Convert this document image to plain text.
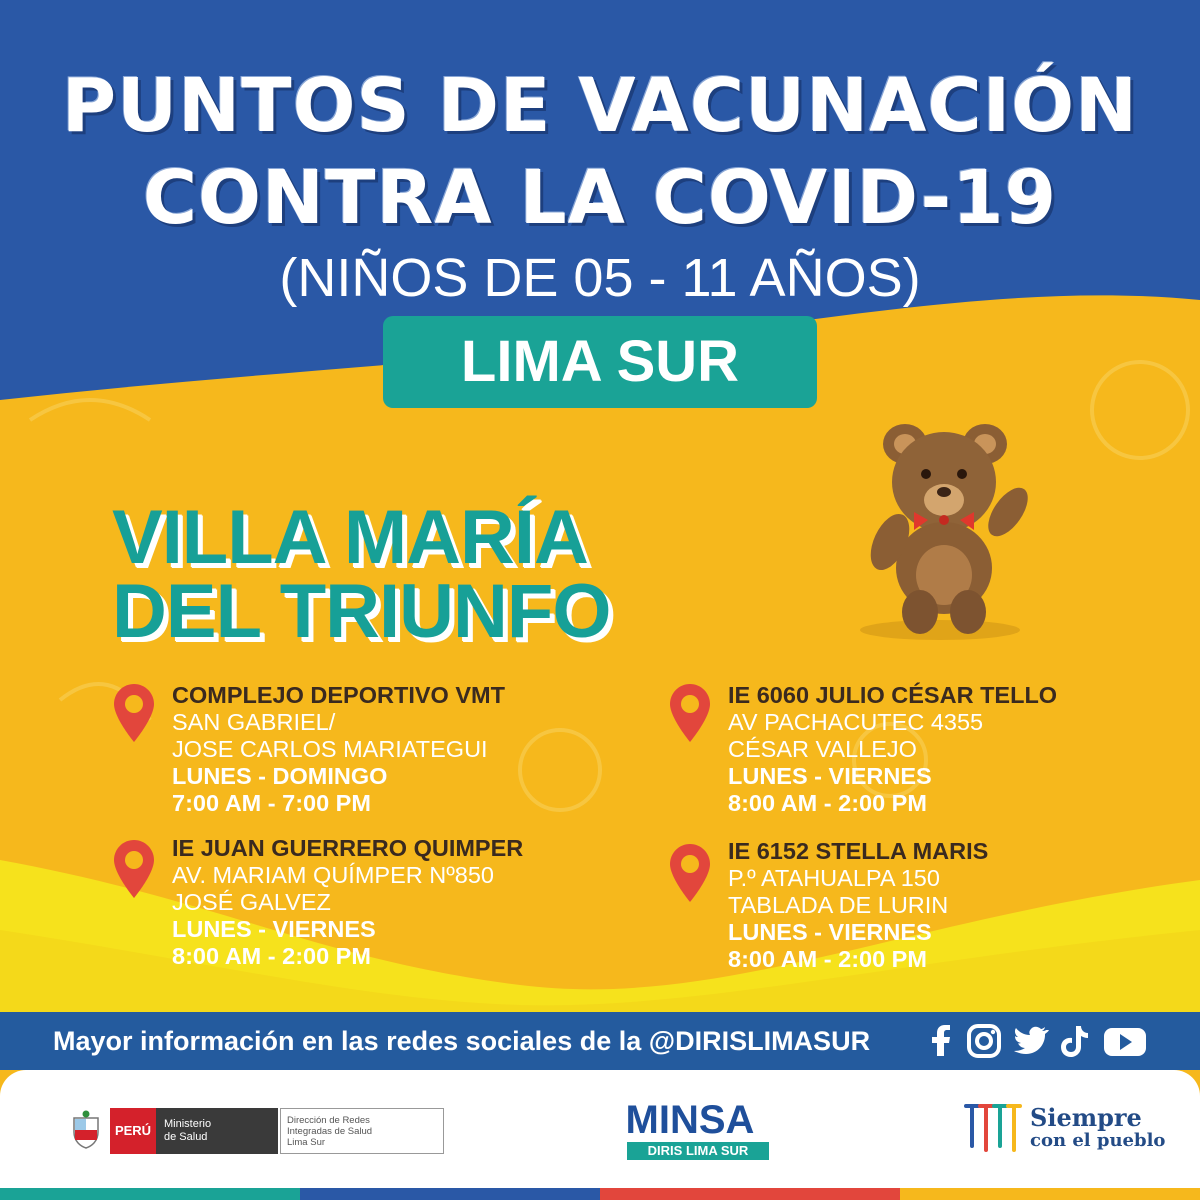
PUNTOS DE VACUNACIÓN
CONTRA LA COVID-19
(NIÑOS DE 05 - 11 AÑOS)
LIMA SUR
VILLA MARÍA
DEL TRIUNFO
COMPLEJO DEPORTIVO VMT
SAN GABRIEL/
JOSE CARLOS MARIATEGUI
LUNES - DOMINGO
7:00 AM - 7:00 PM
IE JUAN GUERRERO QUIMPER
AV. MARIAM QUÍMPER Nº850
JOSÉ GALVEZ
LUNES - VIERNES
8:00 AM - 2:00 PM
IE 6060 JULIO CÉSAR TELLO
AV PACHACUTEC 4355
CÉSAR VALLEJO
LUNES - VIERNES
8:00 AM - 2:00 PM
IE 6152 STELLA MARIS
P.º ATAHUALPA 150
TABLADA DE LURIN
LUNES - VIERNES
8:00 AM - 2:00 PM
Mayor información en las redes sociales de la @DIRISLIMASUR
PERÚ	Ministerio
de Salud
Dirección de Redes
Integradas de Salud
Lima Sur
MINSA
DIRIS LIMA SUR
Siempre
con el pueblo
